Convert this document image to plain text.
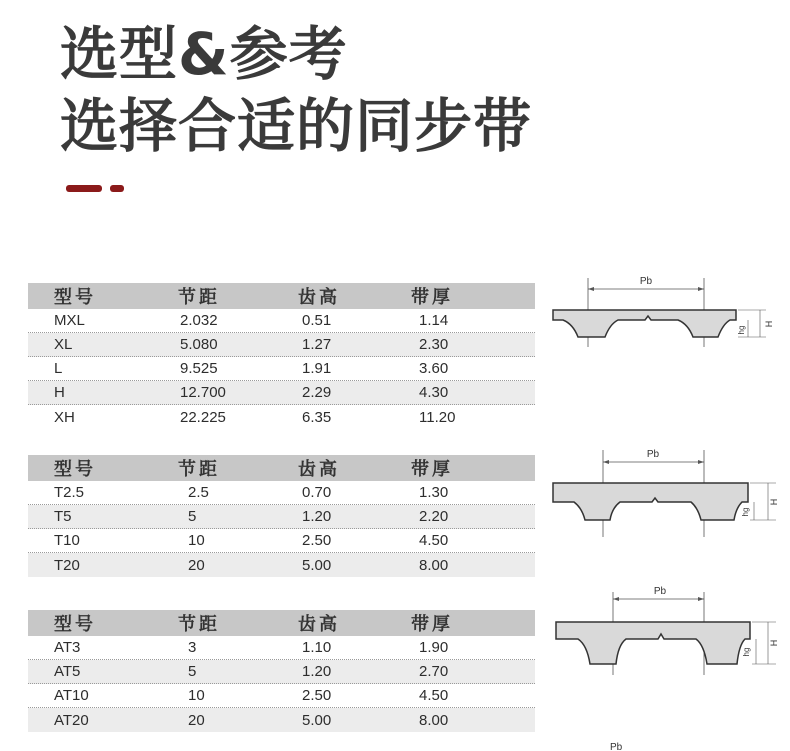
选型&参考
选择合适的同步带
型号	节距	齿高	带厚
MXL	2.032	0.51	1.14
XL	5.080	1.27	2.30
L	9.525	1.91	3.60
H	12.700	2.29	4.30
XH	22.225	6.35	11.20
型号	节距	齿高	带厚
T2.5	2.5	0.70	1.30
T5	5	1.20	2.20
T10	10	2.50	4.50
T20	20	5.00	8.00
型号	节距	齿高	带厚
AT3	3	1.10	1.90
AT5	5	1.20	2.70
AT10	10	2.50	4.50
AT20	20	5.00	8.00
Pb
hg
H
Pb
hg
H
Pb
hg
H
Pb
